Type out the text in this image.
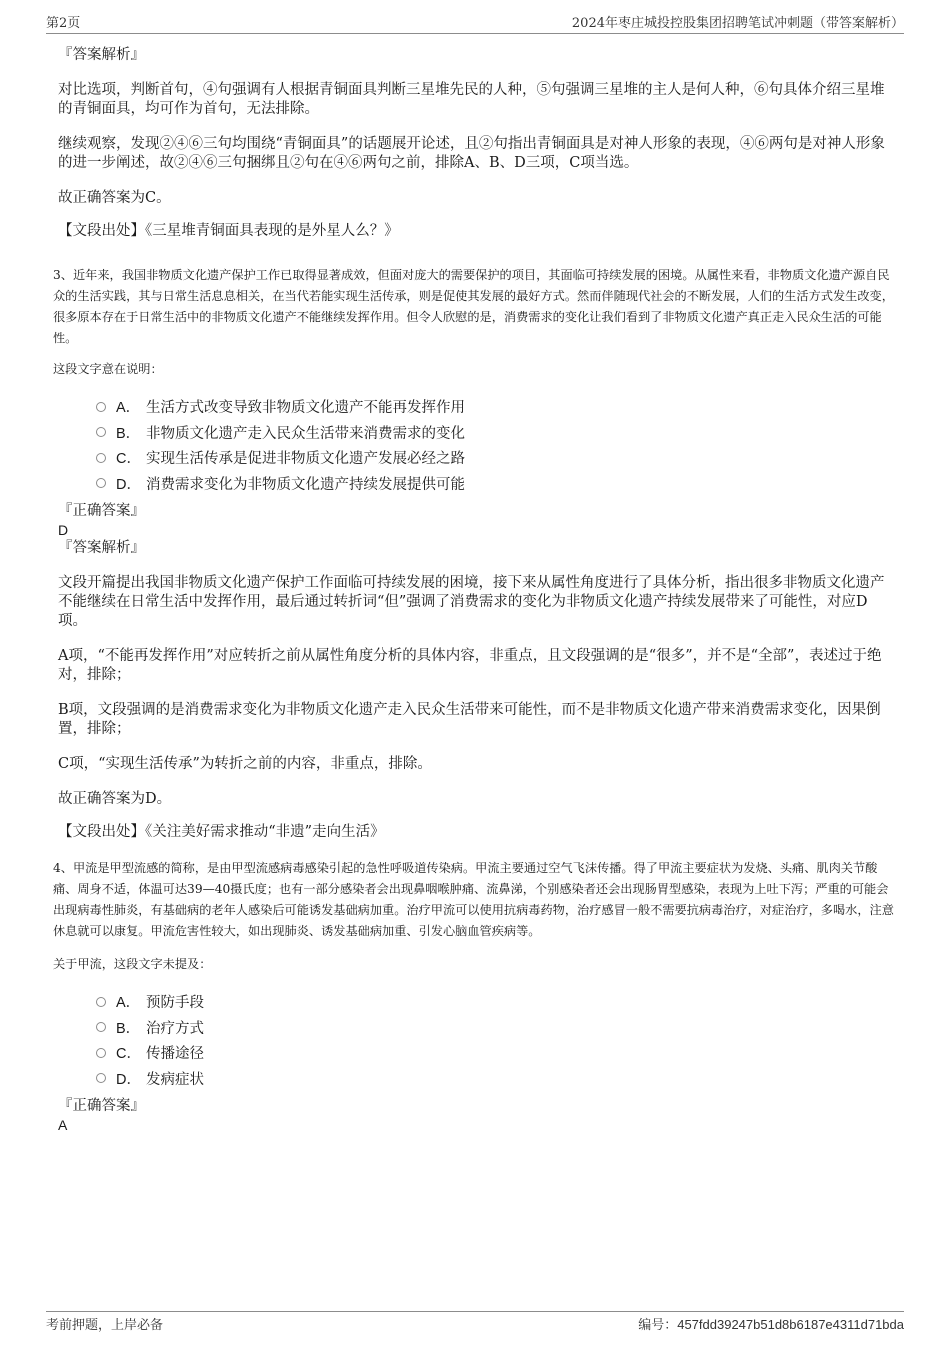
第2页	2024年枣庄城投控股集团招聘笔试冲刺题（带答案解析）

『答案解析』

对比选项，判断首句，④句强调有人根据青铜面具判断三星堆先民的人种，⑤句强调三星堆的主人是何人种，⑥句具体介绍三星堆的青铜面具，均可作为首句，无法排除。

继续观察，发现②④⑥三句均围绕“青铜面具”的话题展开论述，且②句指出青铜面具是对神人形象的表现，④⑥两句是对神人形象的进一步阐述，故②④⑥三句捆绑且②句在④⑥两句之前，排除A、B、D三项，C项当选。

故正确答案为C。

【文段出处】《三星堆青铜面具表现的是外星人么？》

3、近年来，我国非物质文化遗产保护工作已取得显著成效，但面对庞大的需要保护的项目，其面临可持续发展的困境。从属性来看，非物质文化遗产源自民众的生活实践，其与日常生活息息相关，在当代若能实现生活传承，则是促使其发展的最好方式。然而伴随现代社会的不断发展，人们的生活方式发生改变，很多原本存在于日常生活中的非物质文化遗产不能继续发挥作用。但令人欣慰的是，消费需求的变化让我们看到了非物质文化遗产真正走入民众生活的可能性。

这段文字意在说明：

A． 生活方式改变导致非物质文化遗产不能再发挥作用
B． 非物质文化遗产走入民众生活带来消费需求的变化
C． 实现生活传承是促进非物质文化遗产发展必经之路
D． 消费需求变化为非物质文化遗产持续发展提供可能

『正确答案』

D

『答案解析』

文段开篇提出我国非物质文化遗产保护工作面临可持续发展的困境，接下来从属性角度进行了具体分析，指出很多非物质文化遗产不能继续在日常生活中发挥作用，最后通过转折词“但”强调了消费需求的变化为非物质文化遗产持续发展带来了可能性，对应D项。

A项，“不能再发挥作用”对应转折之前从属性角度分析的具体内容，非重点，且文段强调的是“很多”，并不是“全部”，表述过于绝对，排除；

B项，文段强调的是消费需求变化为非物质文化遗产走入民众生活带来可能性，而不是非物质文化遗产带来消费需求变化，因果倒置，排除；

C项，“实现生活传承”为转折之前的内容，非重点，排除。

故正确答案为D。

【文段出处】《关注美好需求推动“非遗”走向生活》

4、甲流是甲型流感的简称，是由甲型流感病毒感染引起的急性呼吸道传染病。甲流主要通过空气飞沫传播。得了甲流主要症状为发烧、头痛、肌肉关节酸痛、周身不适，体温可达39—40摄氏度；也有一部分感染者会出现鼻咽喉肿痛、流鼻涕，个别感染者还会出现肠胃型感染，表现为上吐下泻；严重的可能会出现病毒性肺炎，有基础病的老年人感染后可能诱发基础病加重。治疗甲流可以使用抗病毒药物，治疗感冒一般不需要抗病毒治疗，对症治疗，多喝水，注意休息就可以康复。甲流危害性较大，如出现肺炎、诱发基础病加重、引发心脑血管疾病等。

关于甲流，这段文字未提及：

A． 预防手段
B． 治疗方式
C． 传播途径
D． 发病症状

『正确答案』

A

考前押题，上岸必备	编号：457fdd39247b51d8b6187e4311d71bda
